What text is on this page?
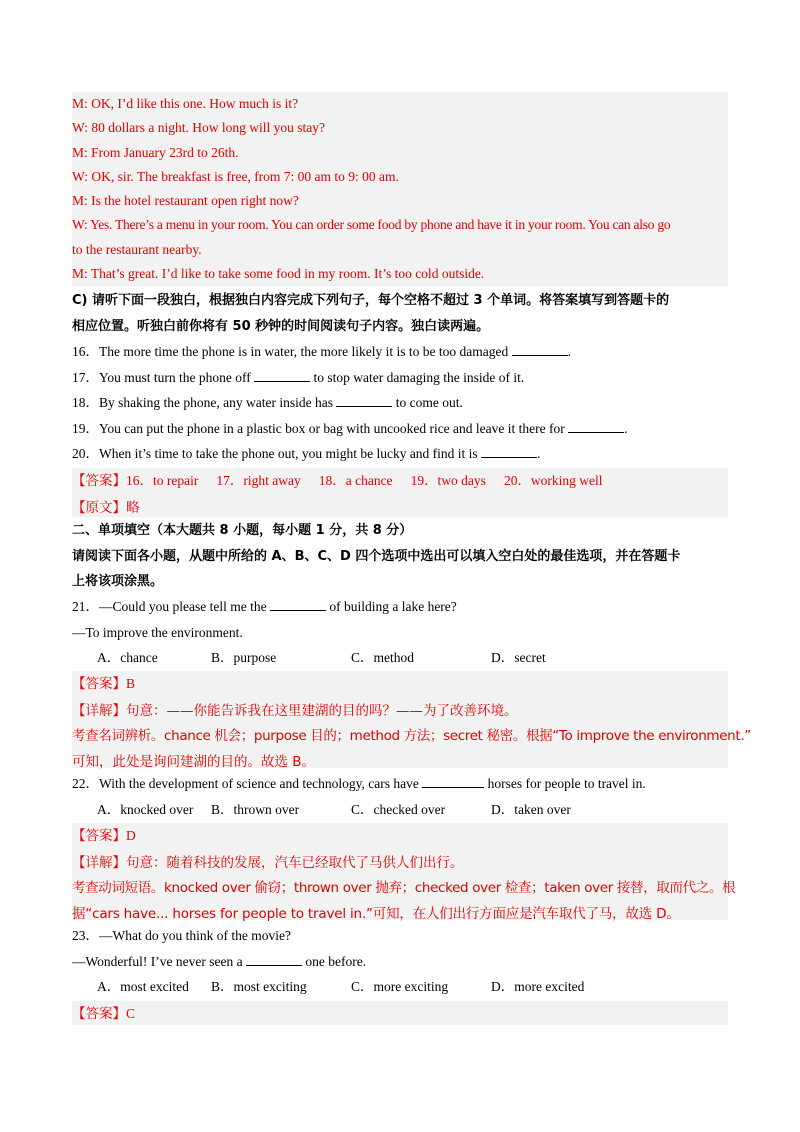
M: OK, I’d like this one. How much is it?
W: 80 dollars a night. How long will you stay?
M: From January 23rd to 26th.
W: OK, sir. The breakfast is free, from 7: 00 am to 9: 00 am.
M: Is the hotel restaurant open right now?
W: Yes. There’s a menu in your room. You can order some food by phone and have it in your room. You can also go
to the restaurant nearby.
M: That’s great. I’d like to take some food in my room. It’s too cold outside.
C) 请听下面一段独白，根据独白内容完成下列句子，每个空格不超过 3 个单词。将答案填写到答题卡的
相应位置。听独白前你将有 50 秒钟的时间阅读句子内容。独白读两遍。
16．The more time the phone is in water, the more likely it is to be too damaged	.
17．You must turn the phone off	to stop water damaging the inside of it.
18．By shaking the phone, any water inside has	to come out.
19．You can put the phone in a plastic box or bag with uncooked rice and leave it there for	.
20．When it’s time to take the phone out, you might be lucky and find it is	.
【答案】16．to repair 17．right away 18．a chance 19．two days 20．working well
【原文】略
二、单项填空（本大题共 8 小题，每小题 1 分，共 8 分）
请阅读下面各小题，从题中所给的 A、B、C、D 四个选项中选出可以填入空白处的最佳选项，并在答题卡
上将该项涂黑。
21．—Could you please tell me the	of building a lake here?
—To improve the environment.
A．chance	B．purpose	C．method	D．secret
【答案】B
【详解】句意：——你能告诉我在这里建湖的目的吗？——为了改善环境。
考查名词辨析。chance 机会；purpose 目的；method 方法；secret 秘密。根据“To improve the environment.”
可知，此处是询问建湖的目的。故选 B。
22．With the development of science and technology, cars have	horses for people to travel in.
A．knocked over B．thrown over	C．checked over	D．taken over
【答案】D
【详解】句意：随着科技的发展，汽车已经取代了马供人们出行。
考查动词短语。knocked over 偷窃；thrown over 抛弃；checked over 检查；taken over 接替，取而代之。根
据“cars have... horses for people to travel in.”可知，在人们出行方面应是汽车取代了马，故选 D。
23．—What do you think of the movie?
—Wonderful! I’ve never seen a	one before.
A．most excited B．most exciting	C．more exciting	D．more excited
【答案】C
